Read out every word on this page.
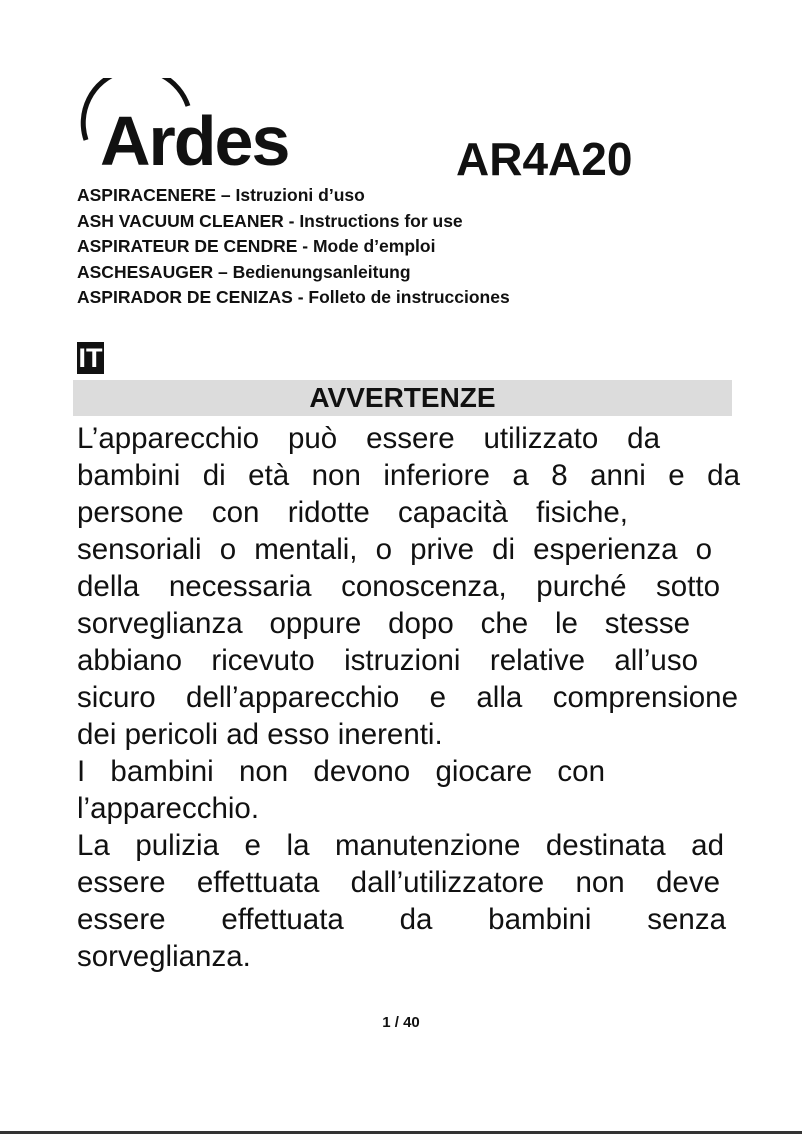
Ardes	AR4A20
ASPIRACENERE – Istruzioni d’uso
ASH VACUUM CLEANER - Instructions for use
ASPIRATEUR DE CENDRE - Mode d’emploi
ASCHESAUGER – Bedienungsanleitung
ASPIRADOR DE CENIZAS - Folleto de instrucciones
IT
AVVERTENZE
L’apparecchio può essere utilizzato da
bambini di età non inferiore a 8 anni e da
persone con ridotte capacità fisiche,
sensoriali o mentali, o prive di esperienza o
della necessaria conoscenza, purché sotto
sorveglianza oppure dopo che le stesse
abbiano ricevuto istruzioni relative all’uso
sicuro dell’apparecchio e alla comprensione
dei pericoli ad esso inerenti.
I bambini non devono giocare con
l’apparecchio.
La pulizia e la manutenzione destinata ad
essere effettuata dall’utilizzatore non deve
essere effettuata da bambini senza
sorveglianza.
1 / 40
